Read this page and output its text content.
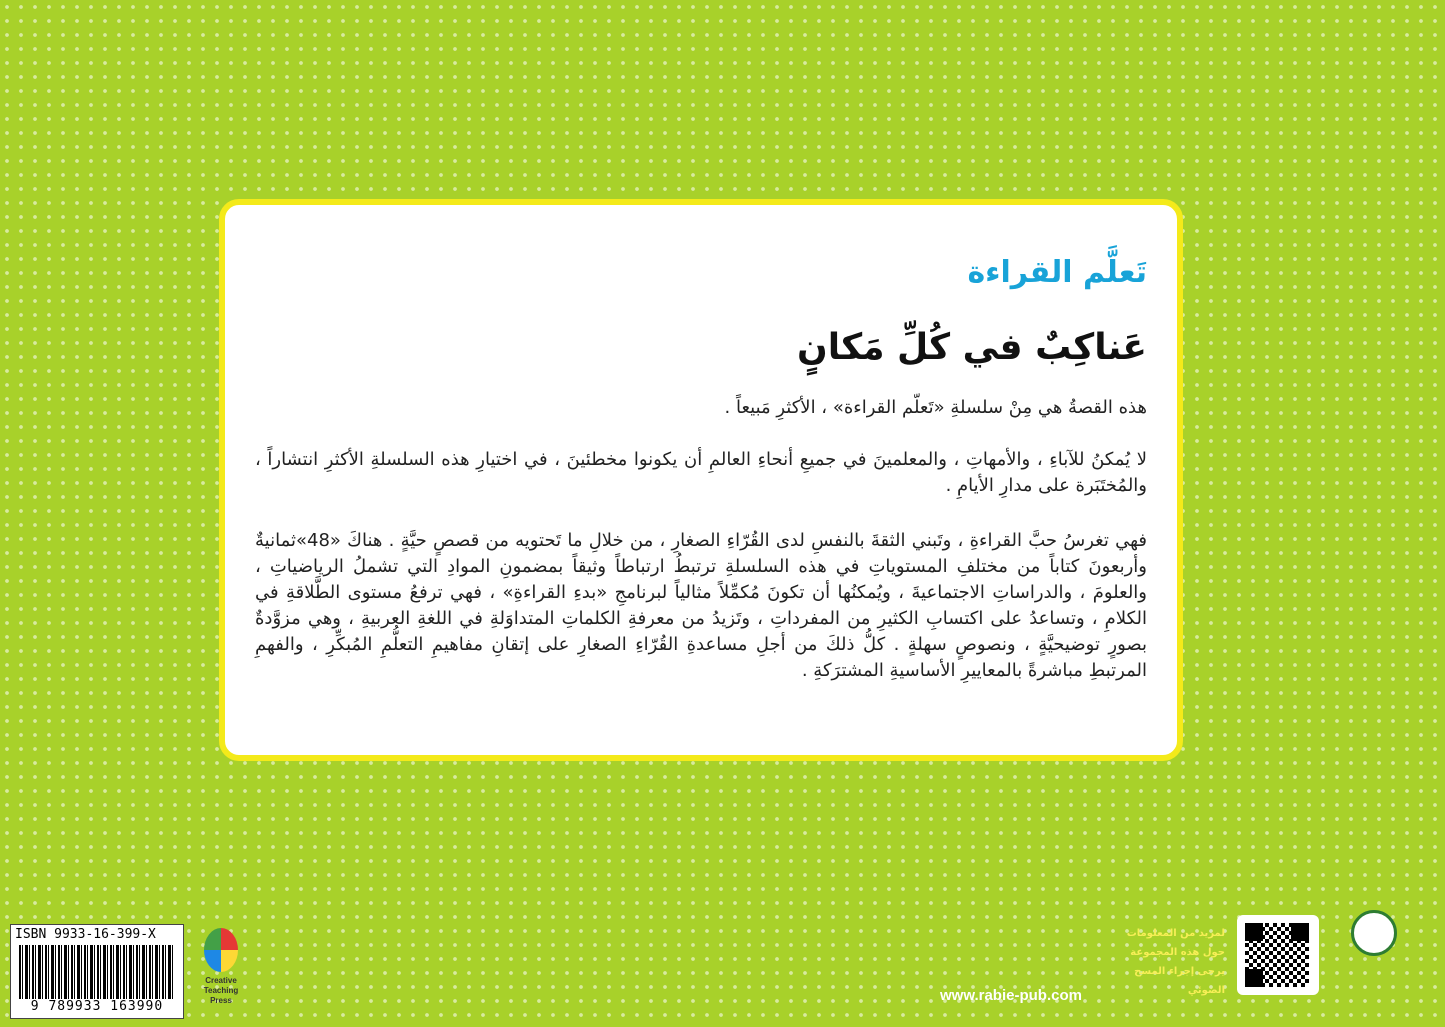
تَعلَّم القراءة
عَناكِبٌ في كُلِّ مَكانٍ

هذه القصةُ هي مِنْ سلسلةِ «تَعلّم القراءة» ، الأكثرِ مَبيعاً .

لا يُمكنُ للآباءِ ، والأمهاتِ ، والمعلمينَ في جميعِ أنحاءِ العالمِ أن يكونوا مخطئينَ ، في اختيارِ هذه السلسلةِ الأكثرِ انتشاراً ، والمُختَبَرة على مدارِ الأيامِ .

فهي تغرسُ حبَّ القراءةِ ، وتَبني الثقةَ بالنفسِ لدى القُرّاءِ الصغارِ ، من خلالِ ما تَحتويه من قصصٍ حيَّةٍ . هناكَ «48»ثمانيةٌ وأربعونَ كتاباً من مختلفِ المستوياتِ في هذه السلسلةِ ترتبطُ ارتباطاً وثيقاً بمضمونِ الموادِ التي تشملُ الرياضياتِ ، والعلومَ ، والدراساتِ الاجتماعيةَ ، ويُمكنُها أن تكونَ مُكمِّلاً مثالياً لبرنامجِ «بدءِ القراءةِ» ، فهي ترفعُ مستوى الطَّلاقةِ في الكلامِ ، وتساعدُ على اكتسابِ الكثيرِ من المفرداتِ ، وتَزيدُ من معرفةِ الكلماتِ المتداوَلةِ في اللغةِ العربيةِ ، وهي مزوَّدةٌ بصورٍ توضيحيَّةٍ ، ونصوصٍ سهلةٍ . كلُّ ذلكَ من أجلِ مساعدةِ القُرّاءِ الصغارِ على إتقانِ مفاهيمِ التعلُّمِ المُبكِّرِ ، والفهمِ المرتبطِ مباشرةً بالمعاييرِ الأساسيةِ المشترَكةِ .

ISBN 9933-16-399-X
9 789933 163990
Creative Teaching Press	www.rabie-pub.com
لمزيد من المعلومات حول هذه المجموعة يرجى إجراء المسح الضوئي
